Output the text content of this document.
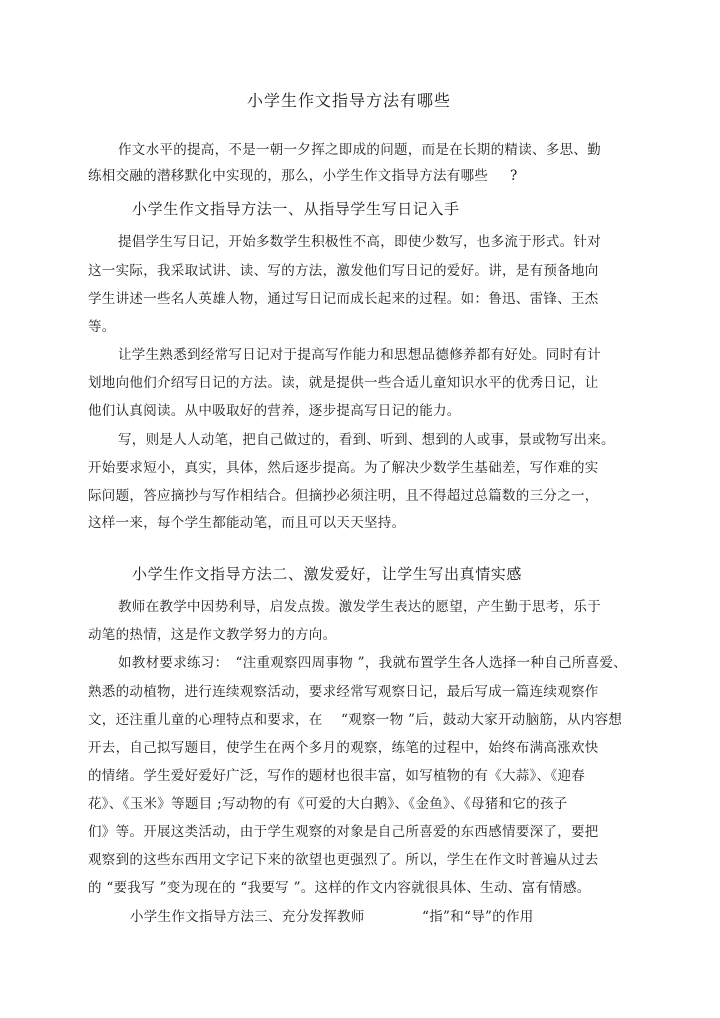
小学生作文指导方法有哪些
作文水平的提高，不是一朝一夕挥之即成的问题，而是在长期的精读、多思、勤
练相交融的潜移默化中实现的，那么，小学生作文指导方法有哪些 ?
小学生作文指导方法一、从指导学生写日记入手
提倡学生写日记，开始多数学生积极性不高，即使少数写，也多流于形式。针对
这一实际，我采取试讲、读、写的方法，激发他们写日记的爱好。讲，是有预备地向
学生讲述一些名人英雄人物，通过写日记而成长起来的过程。如：鲁迅、雷锋、王杰
等。
让学生熟悉到经常写日记对于提高写作能力和思想品德修养都有好处。同时有计
划地向他们介绍写日记的方法。读，就是提供一些合适儿童知识水平的优秀日记，让
他们认真阅读。从中吸取好的营养，逐步提高写日记的能力。
写，则是人人动笔，把自己做过的，看到、听到、想到的人或事，景或物写出来。
开始要求短小，真实，具体，然后逐步提高。为了解决少数学生基础差，写作难的实
际问题，答应摘抄与写作相结合。但摘抄必须注明，且不得超过总篇数的三分之一，
这样一来，每个学生都能动笔，而且可以天天坚持。
小学生作文指导方法二、激发爱好，让学生写出真情实感
教师在教学中因势利导，启发点拨。激发学生表达的愿望，产生勤于思考，乐于
动笔的热情，这是作文教学努力的方向。
如教材要求练习：　“注重观察四周事物 ”，我就布置学生各人选择一种自己所喜爱、
熟悉的动植物，进行连续观察活动，要求经常写观察日记，最后写成一篇连续观察作
文，还注重儿童的心理特点和要求，在　 “观察一物 ”后，鼓动大家开动脑筋，从内容想
开去，自己拟写题目，使学生在两个多月的观察，练笔的过程中，始终布满高涨欢快
的情绪。学生爱好爱好广泛，写作的题材也很丰富，如写植物的有《大蒜》、《迎春
花》、《玉米》等题目 ;写动物的有《可爱的大白鹅》、《金鱼》、《母猪和它的孩子
们》等。开展这类活动，由于学生观察的对象是自己所喜爱的东西感情要深了，要把
观察到的这些东西用文字记下来的欲望也更强烈了。所以，学生在作文时普遍从过去
的 “要我写 ”变为现在的 “我要写 ”。这样的作文内容就很具体、生动、富有情感。
小学生作文指导方法三、充分发挥教师	“指”和“导”的作用
